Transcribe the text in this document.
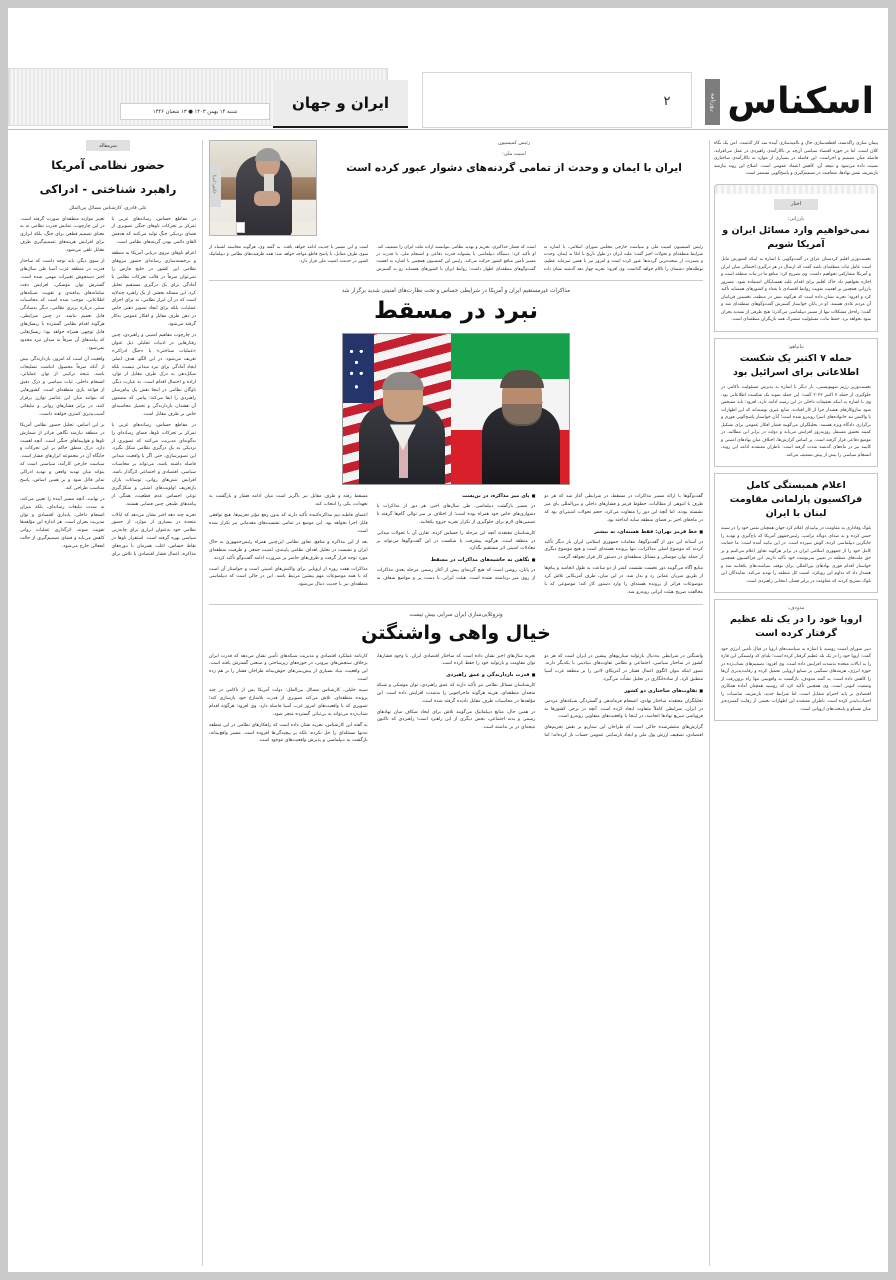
شنبه ۱۴ بهمن ۱۴۰۳ ● ۱۳ شعبان ۱۴۴۶	ایران و جهان	۲ اسکناس
روزنامه
پیمان سازی راگذشته، اقطعه‌سازی حال و ناامیدسازی آینده سه کار گذشت. امن یک نگاه کلان است، اما در حوزه اقتصاد سیاسی آن‌چه بر ناکارآمدی راهبردی در عمل می‌افزاید، فاصله میان تصمیم و اجراست. این فاصله در بسیاری از موارد به ناکارآمدی ساختاری نسبت داده می‌شود و نتیجه آن، کاهش اعتماد عمومی است. اصلاح این روند نیازمند بازتعریف نقش نهادها، شفافیت در تصمیم‌گیری و پاسخ‌گویی مستمر است.
اخبار
بارزانی:
نمی‌خواهیم وارد مسائل ایران و آمریکا شویم
نخست‌وزیر اقلیم کردستان عراق در گفت‌وگویی با اشاره به اینکه کشورش مایل است عامل ثبات منطقه‌ای باشد گفت که ارسال در هر درگیری احتمالی میان ایران و آمریکا مشارکتی نخواهیم داشت. وی تصریح کرد: منافع ما در ثبات منطقه است و اجازه نخواهیم داد خاک اقلیم برای اقدام علیه همسایگان استفاده شود. مسرور بارزانی همچنین بر اهمیت تقویت روابط اقتصادی با بغداد و کشورهای همسایه تأکید کرد و افزود: تجربه نشان داده است که هرگونه تنش در منطقه، نخستین قربانیان آن مردم عادی هستند. او در پایان خواستار گسترش گفت‌وگوهای منطقه‌ای شد و گفت: راه‌حل مشکلات تنها از مسیر دیپلماسی می‌گذرد؛ هیچ طرفی از تشدید بحران سود نخواهد برد. حفظ ثبات، مسئولیت مشترک همه بازیگران منطقه‌ای است.
نتانیاهو:
حمله ۷ اکتبر یک شکست اطلاعاتی برای اسرائیل بود
نخست‌وزیر رژیم صهیونیستی، بار دیگر با اشاره به پذیرش مسئولیت ناکامی در جلوگیری از حمله ۷ اکتبر ۲۰۲۳ گفت: این حمله نمونه یک شکست اطلاعاتی بود. وی با اشاره به اینکه تحقیقات داخلی در این زمینه ادامه دارد، افزود: باید مشخص شود سازوکارهای هشدار چرا از کار افتادند. منابع عبری نوشته‌اند که این اظهارات با واکنش تند خانواده‌های اسرا روبه‌رو شده است؛ آنان خواستار پاسخ‌گویی فوری و برگزاری دادگاه ویژه هستند. تحلیلگران می‌گویند فشار افکار عمومی برای تشکیل کمیته تحقیق مستقل روزبه‌روز افزایش می‌یابد و دولت در برابر این مطالبه، در موضع دفاعی قرار گرفته است. بر اساس گزارش‌ها، اختلاف میان نهادهای امنیتی و کابینه نیز در ماه‌های گذشته شدت گرفته است. ناظران معتقدند ادامه این روند، انسجام سیاسی را بیش از پیش تضعیف می‌کند.
اعلام همبستگی کامل فراکسیون پارلمانی مقاومت لبنان با ایران
بلوک وفاداری به مقاومت در بیانیه‌ای اعلام کرد جهان همچنان نفس خود را در سینه حبس کرده و به صدای دونالد ترامپ، رئیس‌جمهور آمریکا که باج‌گیری و تهدید را جایگزین دیپلماسی کرده، گوش سپرده است. در این بیانیه آمده است: ما حمایت کامل خود را از جمهوری اسلامی ایران در برابر هرگونه تجاوز اعلام می‌کنیم و بر حق ملت‌های منطقه در تعیین سرنوشت خود تأکید داریم. این فراکسیون همچنین خواستار اقدام فوری نهادهای بین‌المللی برای توقف سیاست‌های یکجانبه شد و هشدار داد که تداوم این رویکرد، امنیت کل منطقه را تهدید می‌کند. نمایندگان این بلوک تصریح کردند که مقاومت در برابر فشار، انتخابی راهبردی است.
مدودف:
اروپا خود را در یک تله عظیم گرفتار کرده است
دبیر شورای امنیت روسیه با اشاره به سیاست‌های اروپا در قبال تأمین انرژی خود گفت: اروپا خود را در یک تله عظیم گرفتار کرده است؛ تله‌ای که وابستگی این قاره را به ایالات متحده به‌شدت افزایش داده است. وی افزود: تصمیم‌های شتاب‌زده در حوزه انرژی، هزینه‌های سنگینی بر صنایع اروپایی تحمیل کرده و رقابت‌پذیری آن‌ها را کاهش داده است. به گفته مدودف، بازگشت به واقع‌بینی تنها راه برون‌رفت از وضعیت کنونی است. وی همچنین تأکید کرد که روسیه همچنان آماده همکاری اقتصادی بر پایه احترام متقابل است، اما شرایط جدید، بازتعریف مناسبات را اجتناب‌ناپذیر کرده است. ناظران معتقدند این اظهارات بخشی از رقابت گسترده‌تر میان مسکو و پایتخت‌های اروپایی است.
رئیس کمیسیون
امنیت ملی:
ایران با ایمان و وحدت از تمامی گردنه‌های دشوار عبور کرده است
عکس: ایرنا
رئیس کمیسیون امنیت ملی و سیاست خارجی مجلس شورای اسلامی، با اشاره به شرایط منطقه‌ای و تحولات اخیر گفت: ملت ایران در طول تاریخ با اتکا به ایمان، وحدت و بصیرت، از سخت‌ترین گردنه‌ها عبور کرده است و امروز نیز با همین سرمایه عظیم، توطئه‌های دشمنان را ناکام خواهد گذاشت. وی افزود: تجربه چهار دهه گذشته نشان داده است که فشار حداکثری، تحریم و تهدید نظامی نتوانسته اراده ملت ایران را تضعیف کند. او تأکید کرد: دستگاه دیپلماسی با پشتوانه قدرت دفاعی و انسجام ملی، با قدرت در مسیر تأمین منافع کشور حرکت می‌کند. رئیس این کمیسیون همچنین با اشاره به اهمیت گفت‌وگوهای منطقه‌ای اظهار داشت: روابط ایران با کشورهای همسایه رو به گسترش است و این مسیر با جدیت ادامه خواهد یافت. به گفته وی، هرگونه محاسبه اشتباه از سوی طرف مقابل، با پاسخ قاطع مواجه خواهد شد؛ همه ظرفیت‌های نظامی و دیپلماتیک کشور در خدمت امنیت ملی قرار دارد.
مذاکرات غیرمستقیم ایران و آمریکا در شرایطی حساس و تحت نظارت‌های امنیتی شدید برگزار شد
نبرد در مسقط

گفت‌وگوها با ارائه مسیر مذاکرات در مسقط، در شرایطی آغاز شد که هر دو طرف با انبوهی از مطالبات، خطوط قرمز و فشارهای داخلی و بین‌المللی پای میز نشسته بودند. اما آنچه این دور را متفاوت می‌کرد، حجم تحولات امنیتی‌ای بود که در ماه‌های اخیر بر فضای منطقه سایه انداخته بود.

■ خط قرمز تهران: فقط هسته‌ای، نه بیشتر

در آستانه این دور از گفت‌وگوها، مقامات جمهوری اسلامی ایران بار دیگر تأکید کردند که موضوع اصلی مذاکرات، تنها پرونده هسته‌ای است و هیچ موضوع دیگری از جمله توان موشکی و مسائل منطقه‌ای در دستور کار قرار نخواهد گرفت.

منابع آگاه می‌گویند دور نخست نشست کمتر از دو ساعت به طول انجامید و پیام‌ها از طریق میزبان عمانی رد و بدل شد. در این میان، طرف آمریکایی تلاش کرد موضوعات فراتر از پرونده هسته‌ای را وارد دستور کار کند؛ موضوعی که با مخالفت صریح هیئت ایرانی روبه‌رو شد.

■ پای میز مذاکره، در بن‌بست

در مسیر بازگشت دیپلماسی، طی سال‌های اخیر، هر دور از مذاکرات با دشواری‌های خاص خود همراه بوده است؛ از اختلاف بر سر توالی گام‌ها گرفته تا تضمین‌های لازم برای جلوگیری از تکرار تجربه خروج یکجانبه.

کارشناسان معتقدند آنچه این مرحله را حساس کرده، تقارن آن با تحولات میدانی در منطقه است. هرگونه پیشرفت یا شکست در این گفت‌وگوها می‌تواند بر معادلات امنیتی اثر مستقیم بگذارد.

■ نگاهی به حاشیه‌های مذاکرات در مسقط

در پایان، روشن است که هیچ گزینه‌ای پیش از آغاز رسمی مرحله بعدی مذاکرات از روی میز برداشته نشده است. هیئت ایرانی با دست پر و مواضع شفاف به مسقط رفته و طرف مقابل نیز ناگزیر است میان ادامه فشار و بازگشت به تعهدات، یکی را انتخاب کند.

اعضای قاطبه تیم مذاکره‌کننده تأکید دارند که بدون رفع مؤثر تحریم‌ها، هیچ توافقی قابل اجرا نخواهد بود. این موضع در تمامی نشست‌های مقدماتی نیز تکرار شده است.

بعد از این مذاکره و منافع، تجاوز نظامی این‌چنین همراه رئیس‌جمهوری به خاک ایران و نشست در تحلیل اهداف نظامی پایبندی، امنیت جمعی و ظرفیت منطقه‌ای مورد توجه قرار گرفت و طرف‌های حاضر بر ضرورت ادامه گفت‌وگو تأکید کردند.

مذاکرات هفت روزه از اروپایی برای واکنش‌های امنیتی است و خواستار آن است که با همه موضوعات مهم پیشین مرتبط باشد. این در حالی است که دیپلماسی منطقه‌ای نیز با جدیت دنبال می‌شود.

ونزوئلایی‌سازی ایران سرابی بیش نیست
خیال واهی واشنگتن

واشنگتن در شرایطی به‌دنبال بازتولید سناریوهای پیشین در ایران است که هر دو کشور در ساختار سیاسی، اجتماعی و نظامی تفاوت‌های بنیادینی با یکدیگر دارند. تصور اینکه بتوان الگوی اعمال فشار در آمریکای لاتین را بر منطقه غرب آسیا منطبق کرد، از ساده‌انگاری در تحلیل نشأت می‌گیرد.

■ تفاوت‌های ساختاری دو کشور

تحلیلگران معتقدند ساختار نهادی، انسجام فرماندهی و گستردگی شبکه‌های مردمی در ایران، شرایطی کاملاً متفاوت ایجاد کرده است. آنچه در برخی کشورها به فروپاشی سریع نهادها انجامید، در اینجا با واقعیت‌های متفاوتی روبه‌رو است.

گزارش‌های منتشرشده حاکی است که طراحان این سناریو بر نقش تحریم‌های اقتصادی، تضعیف ارزش پول ملی و ایجاد نارضایتی عمومی حساب باز کرده‌اند؛ اما تجربه سال‌های اخیر نشان داده است که ساختار اقتصادی ایران، با وجود فشارها، توان مقاومت و بازتولید خود را حفظ کرده است.

■ قدرت بازدارندگی و عمق راهبردی

کارشناسان مسائل نظامی نیز تأکید دارند که عمق راهبردی، توان موشکی و شبکه متحدان منطقه‌ای، هزینه هرگونه ماجراجویی را به‌شدت افزایش داده است. این مؤلفه‌ها در محاسبات طرف مقابل نادیده گرفته شده است.

در همین حال، منابع دیپلماتیک می‌گویند تلاش برای ایجاد شکاف میان نهادهای رسمی و بدنه اجتماعی، بخش دیگری از این راهبرد است؛ راهبردی که تاکنون نتیجه‌ای در بر نداشته است.

کارنامه عملکرد اقتصادی و مدیریت شبکه‌های تأمین نشان می‌دهد که قدرت ایران برخلاف سنجش‌های بیرونی، در حوزه‌های زیرساختی و صنعتی گسترش یافته است. این واقعیت، بنیاد بسیاری از پیش‌بینی‌های خوش‌بینانه طراحان فشار را بر هم زده است.

سیبه خلیلی، کارشناس مسائل بین‌الملل: دولت آمریکا پس از ناکامی در چند پرونده منطقه‌ای، تلاش می‌کند تصویری از قدرت بلامنازع خود بازسازی کند؛ تصویری که با واقعیت‌های امروز غرب آسیا فاصله دارد. وی افزود: هرگونه اقدام شتاب‌زده می‌تواند به بی‌ثباتی گسترده منجر شود.

به گفته این کارشناس، تجربه نشان داده است که راهکارهای نظامی در این منطقه نه‌تنها مسئله‌ای را حل نکرده، بلکه بر پیچیدگی‌ها افزوده است. مسیر واقع‌بینانه، بازگشت به دیپلماسی و پذیرش واقعیت‌های موجود است.

سرمقاله
حضور نظامی آمریکا
راهبرد شناختی - ادراکی
علی قادری، کارشناس مسائل بین‌الملل

در مقاطع حساس، رسانه‌های غربی با تمرکز بر تحرکات ناوهای جنگی تصویری از فضای نزدیکی جنگ تولید می‌کنند که هدفش القای دائمی بودن گزینه‌های نظامی است.

اعزام ناوهای نیروی دریایی آمریکا به منطقه و برجسته‌سازی رسانه‌ای حضور نیروهای نظامی این کشور در خلیج فارس را نمی‌توان صرفاً در قالب تحرکات نظامی یا آمادگی برای یک درگیری مستقیم تحلیل کرد. این مسئله بخشی از یک راهبرد چندلایه است که در آن ابزار نظامی، نه برای اجرای عملیات، بلکه برای ایجاد تصویر ذهنی خاص در ذهن طرف مقابل و افکار عمومی به‌کار گرفته می‌شود.

در چارچوب مفاهیم امنیتی و راهبردی، چنین رفتارهایی در ادبیات تحلیلی ذیل عنوان «عملیات شناختی» یا «جنگ ادراکی» تعریف می‌شود. در این الگو، هدف اصلی ایجاد آمادگی برای نبرد میدانی نیست، بلکه شکل‌دهی به درک طرف مقابل از توان، اراده و احتمال اقدام است. به عبارت دیگر، ناوگان نظامی در اینجا نقش یک پیام‌رسان راهبردی را ایفا می‌کند؛ پیامی که مضمون آن هشدار، بازدارندگی و تحمیل محاسبه‌ای خاص بر طرف مقابل است.

در مقاطع حساس، رسانه‌های غربی با تمرکز بر تحرکات ناوها، فضای رسانه‌ای را به‌گونه‌ای مدیریت می‌کنند که تصویری از نزدیکی به یک درگیری نظامی شکل بگیرد. این تصویرسازی، حتی اگر با واقعیت میدانی فاصله داشته باشد، می‌تواند بر محاسبات سیاسی، اقتصادی و اجتماعی اثرگذار باشد. افزایش تنش‌های روانی، نوسانات بازار، بازتعریف اولویت‌های امنیتی و شکل‌گیری نوعی احساس عدم قطعیت، همگی از پیامدهای طبیعی چنین فضایی هستند.

تجربه چند دهه اخیر نشان می‌دهد که ایالات متحده در بسیاری از موارد، از حضور نظامی خود به‌عنوان ابزاری برای چانه‌زنی سیاسی بهره گرفته است. استقرار ناوها در نقاط حساس، اغلب همزمان با دوره‌های مذاکره، اعمال فشار اقتصادی یا تلاش برای تغییر موازنه منطقه‌ای صورت گرفته است. در این چارچوب، نمایش قدرت نظامی نه به معنای تصمیم قطعی برای جنگ، بلکه ابزاری برای افزایش هزینه‌های تصمیم‌گیری طرف مقابل تلقی می‌شود.

از سوی دیگر، باید توجه داشت که ساختار قدرت در منطقه غرب آسیا طی سال‌های اخیر دستخوش تغییرات مهمی شده است. گسترش توان موشکی، افزایش دقت سامانه‌های پدافندی و تقویت شبکه‌های اطلاعاتی، موجب شده است که محاسبات سنتی درباره برتری نظامی، دیگر به‌سادگی قابل تعمیم نباشد. در چنین شرایطی، هرگونه اقدام نظامی گسترده با ریسک‌های قابل توجهی همراه خواهد بود؛ ریسک‌هایی که پیامدهای آن صرفاً به میدان نبرد محدود نمی‌شود.

واقعیت آن است که امروز، بازدارندگی بیش از آنکه صرفاً محصول انباشت تسلیحات باشد، نتیجه ترکیبی از توان عملیاتی، انسجام داخلی، ثبات سیاسی و درک دقیق از قواعد بازی منطقه‌ای است. کشورهایی که بتوانند میان این عناصر توازن برقرار کنند، در برابر فشارهای روانی و تبلیغاتی آسیب‌پذیری کمتری خواهند داشت.

بر این اساس، تحلیل حضور نظامی آمریکا در منطقه نیازمند نگاهی فراتر از شمارش ناوها و هواپیماهای جنگی است. آنچه اهمیت دارد، درک منطق حاکم بر این تحرکات و جایگاه آن در مجموعه ابزارهای فشار است. سیاست خارجی کارآمد، سیاستی است که بتواند میان تهدید واقعی و تهدید ادراکی تمایز قائل شود و بر همین اساس، پاسخ متناسب طراحی کند.

در نهایت، آنچه مسیر آینده را تعیین می‌کند، نه شدت تبلیغات رسانه‌ای، بلکه میزان انسجام داخلی، پایداری اقتصادی و توان مدیریت بحران است. هر اندازه این مؤلفه‌ها تقویت شوند، اثرگذاری عملیات روانی کاهش می‌یابد و فضای تصمیم‌گیری از حالت انفعالی خارج می‌شود.
